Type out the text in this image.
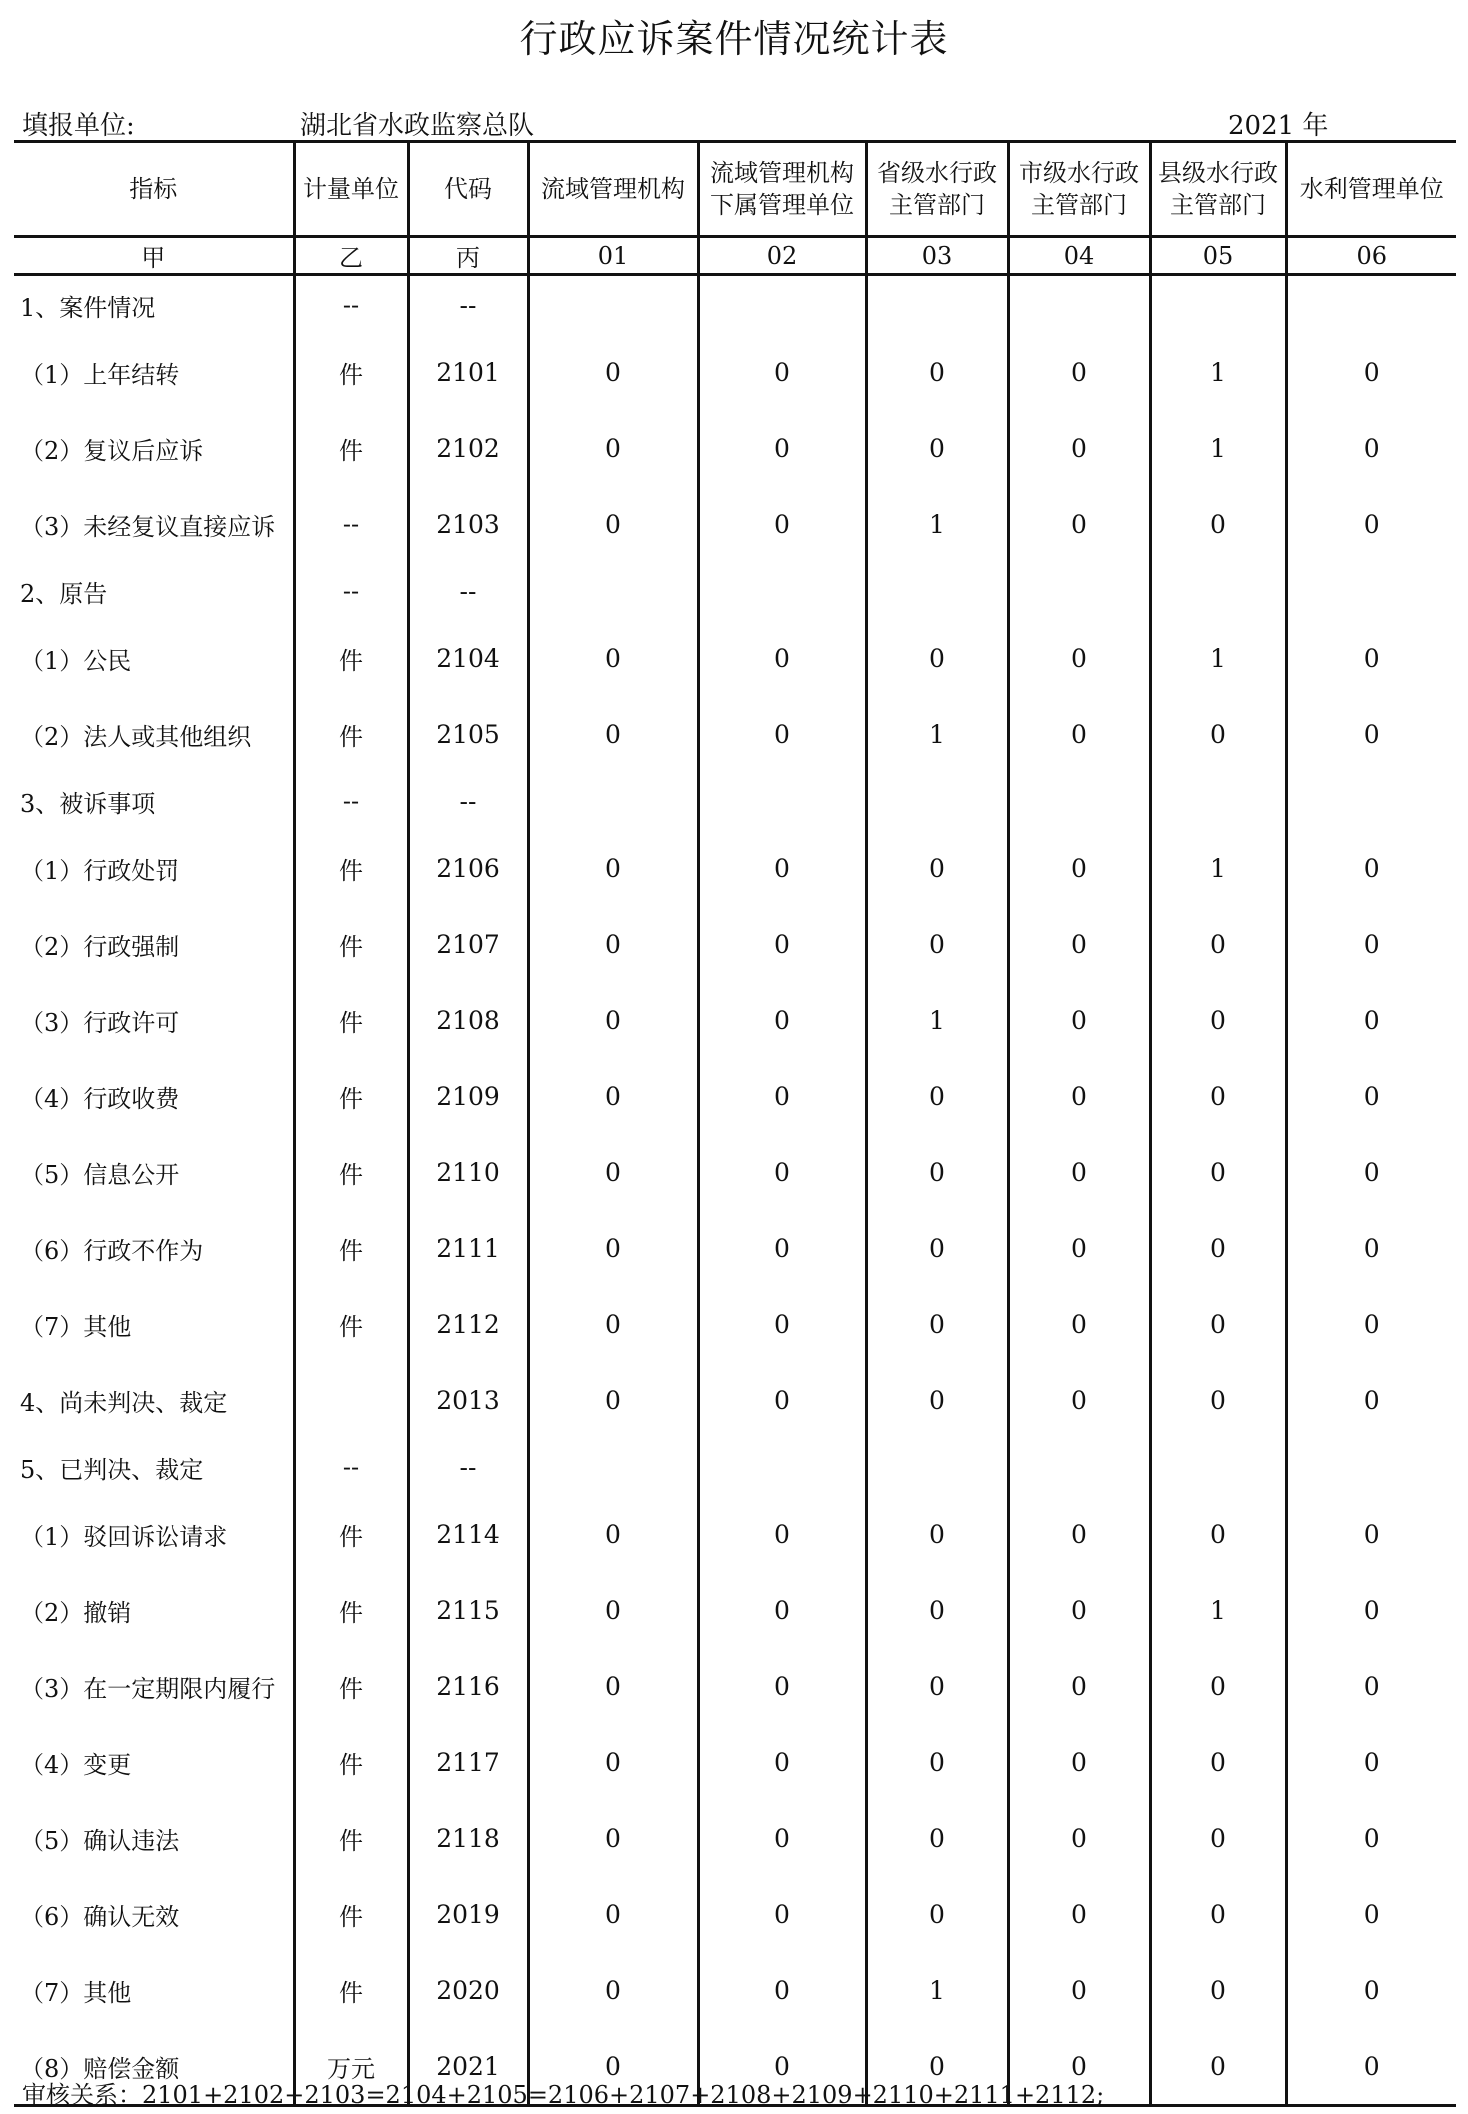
行政应诉案件情况统计表
填报单位:	湖北省水政监察总队	2021 年
指标	计量单位	代码	流域管理机构	流域管理机构下属管理单位	省级水行政主管部门	市级水行政主管部门	县级水行政主管部门	水利管理单位
甲	乙	丙	01	02	03	04	05	06
1、案件情况	--	--						
（1）上年结转	件	2101	0	0	0	0	1	0
（2）复议后应诉	件	2102	0	0	0	0	1	0
（3）未经复议直接应诉	--	2103	0	0	1	0	0	0
2、原告	--	--						
（1）公民	件	2104	0	0	0	0	1	0
（2）法人或其他组织	件	2105	0	0	1	0	0	0
3、被诉事项	--	--						
（1）行政处罚	件	2106	0	0	0	0	1	0
（2）行政强制	件	2107	0	0	0	0	0	0
（3）行政许可	件	2108	0	0	1	0	0	0
（4）行政收费	件	2109	0	0	0	0	0	0
（5）信息公开	件	2110	0	0	0	0	0	0
（6）行政不作为	件	2111	0	0	0	0	0	0
（7）其他	件	2112	0	0	0	0	0	0
4、尚未判决、裁定		2013	0	0	0	0	0	0
5、已判决、裁定	--	--						
（1）驳回诉讼请求	件	2114	0	0	0	0	0	0
（2）撤销	件	2115	0	0	0	0	1	0
（3）在一定期限内履行	件	2116	0	0	0	0	0	0
（4）变更	件	2117	0	0	0	0	0	0
（5）确认违法	件	2118	0	0	0	0	0	0
（6）确认无效	件	2019	0	0	0	0	0	0
（7）其他	件	2020	0	0	1	0	0	0
（8）赔偿金额	万元	2021	0	0	0	0	0	0
审核关系：2101+2102+2103=2104+2105=2106+2107+2108+2109+2110+2111+2112;
